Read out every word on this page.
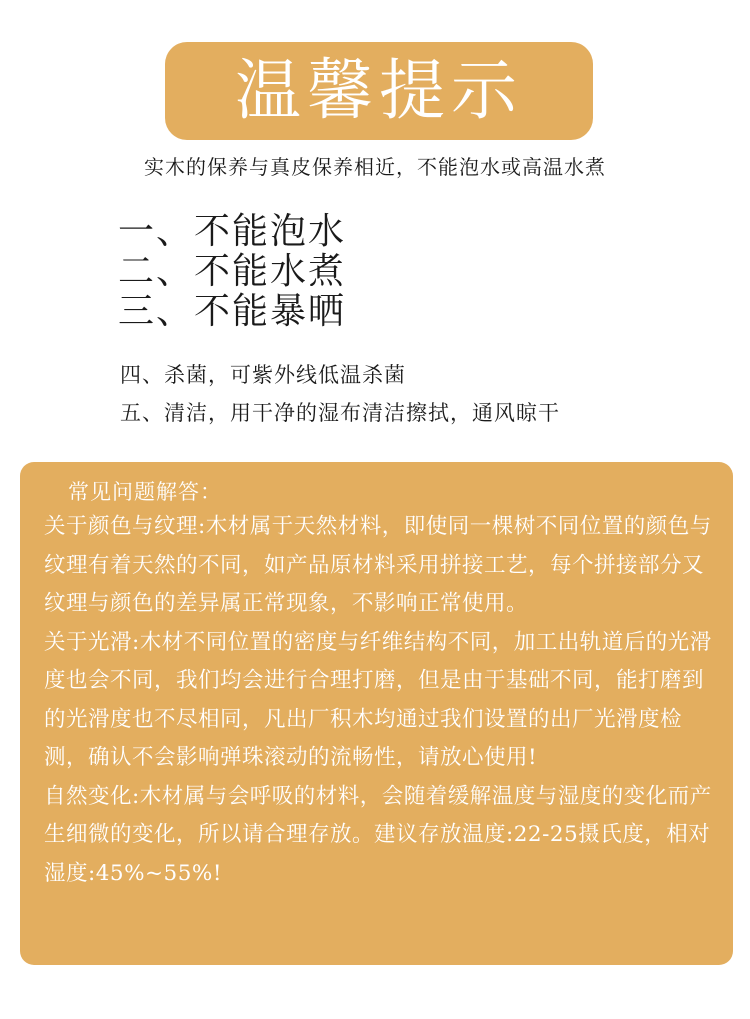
温馨提示
实木的保养与真皮保养相近，不能泡水或高温水煮
一、不能泡水
二、不能水煮
三、不能暴晒
四、杀菌，可紫外线低温杀菌
五、清洁，用干净的湿布清洁擦拭，通风晾干
常见问题解答：
关于颜色与纹理:木材属于天然材料，即使同一棵树不同位置的颜色与纹理有着天然的不同，如产品原材料采用拼接工艺，每个拼接部分又纹理与颜色的差异属正常现象，不影响正常使用。
关于光滑:木材不同位置的密度与纤维结构不同，加工出轨道后的光滑度也会不同，我们均会进行合理打磨，但是由于基础不同，能打磨到的光滑度也不尽相同，凡出厂积木均通过我们设置的出厂光滑度检测，确认不会影响弹珠滚动的流畅性，请放心使用!
自然变化:木材属与会呼吸的材料，会随着缓解温度与湿度的变化而产生细微的变化，所以请合理存放。建议存放温度:22-25摄氏度，相对湿度:45%~55%!
